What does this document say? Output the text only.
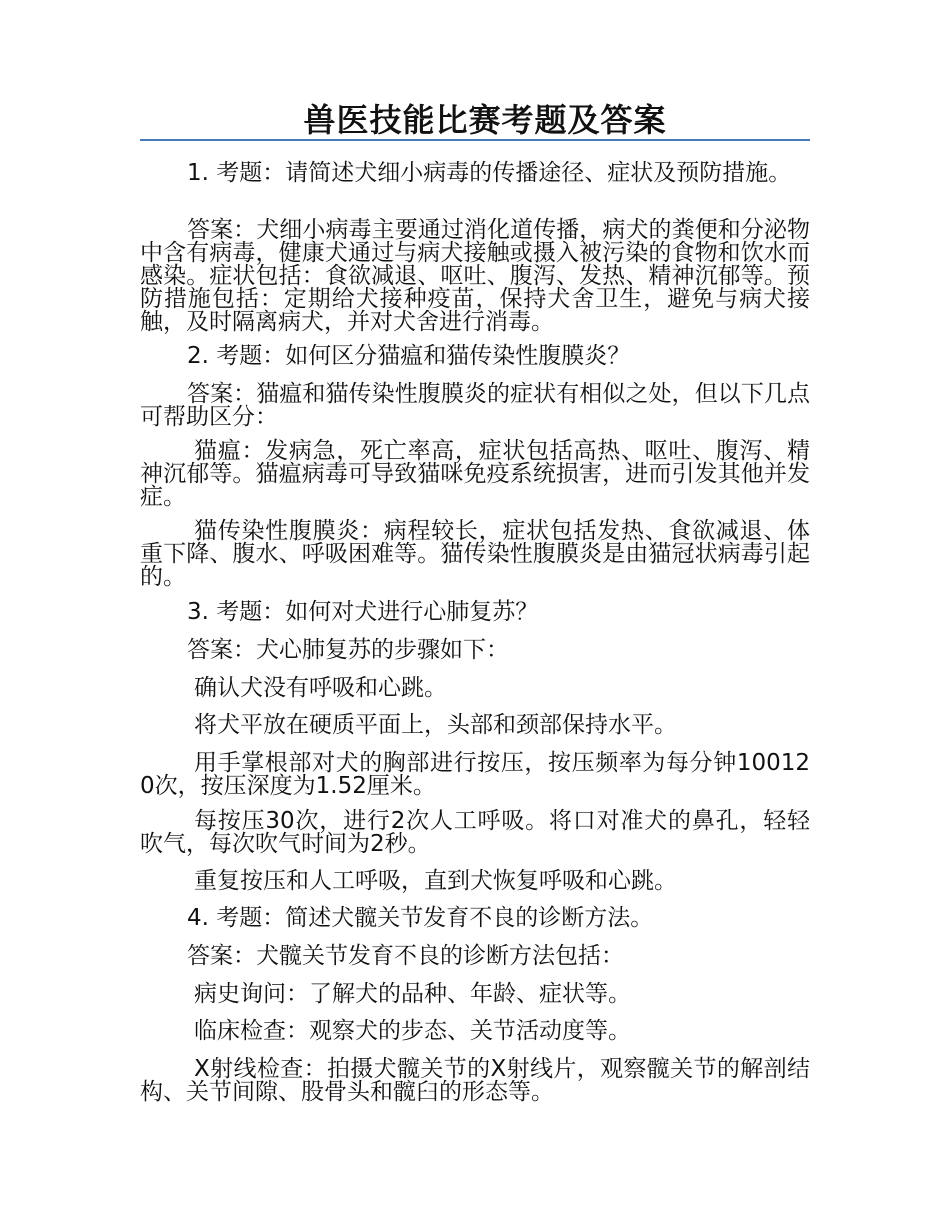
兽医技能比赛考题及答案
1. 考题：请简述犬细小病毒的传播途径、症状及预防措施。
答案：犬细小病毒主要通过消化道传播，病犬的粪便和分泌物中含有病毒，健康犬通过与病犬接触或摄入被污染的食物和饮水而感染。症状包括：食欲减退、呕吐、腹泻、发热、精神沉郁等。预防措施包括：定期给犬接种疫苗，保持犬舍卫生，避免与病犬接触，及时隔离病犬，并对犬舍进行消毒。
2. 考题：如何区分猫瘟和猫传染性腹膜炎？
答案：猫瘟和猫传染性腹膜炎的症状有相似之处，但以下几点可帮助区分：
猫瘟：发病急，死亡率高，症状包括高热、呕吐、腹泻、精神沉郁等。猫瘟病毒可导致猫咪免疫系统损害，进而引发其他并发症。
猫传染性腹膜炎：病程较长，症状包括发热、食欲减退、体重下降、腹水、呼吸困难等。猫传染性腹膜炎是由猫冠状病毒引起的。
3. 考题：如何对犬进行心肺复苏？
答案：犬心肺复苏的步骤如下：
确认犬没有呼吸和心跳。
将犬平放在硬质平面上，头部和颈部保持水平。
用手掌根部对犬的胸部进行按压，按压频率为每分钟100120次，按压深度为1.52厘米。
每按压30次，进行2次人工呼吸。将口对准犬的鼻孔，轻轻吹气，每次吹气时间为2秒。
重复按压和人工呼吸，直到犬恢复呼吸和心跳。
4. 考题：简述犬髋关节发育不良的诊断方法。
答案：犬髋关节发育不良的诊断方法包括：
病史询问：了解犬的品种、年龄、症状等。
临床检查：观察犬的步态、关节活动度等。
X射线检查：拍摄犬髋关节的X射线片，观察髋关节的解剖结构、关节间隙、股骨头和髋臼的形态等。
